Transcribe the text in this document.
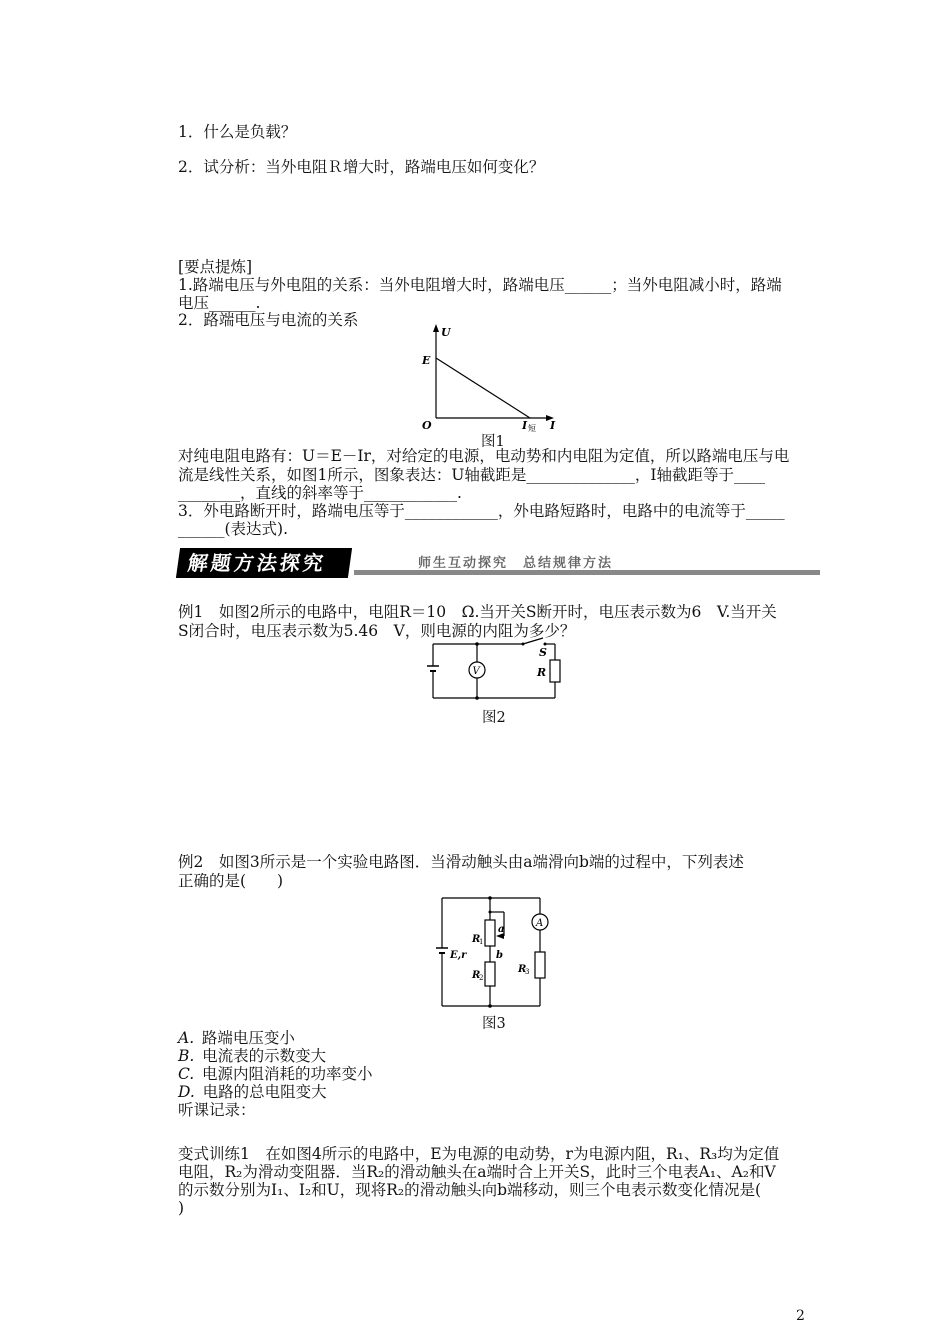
1．什么是负载？
2．试分析：当外电阻Ｒ增大时，路端电压如何变化？
[要点提炼]
1.路端电压与外电阻的关系：当外电阻增大时，路端电压______；当外电阻减小时，路端
电压______.
2．路端电压与电流的关系
U
E
O	I 短 I
图1
对纯电阻电路有：U＝E－Ir，对给定的电源，电动势和内电阻为定值，所以路端电压与电
流是线性关系，如图1所示，图象表达：U轴截距是______________，I轴截距等于____
________，直线的斜率等于____________.
3．外电路断开时，路端电压等于____________，外电路短路时，电路中的电流等于_____
______(表达式).
解题方法探究	师生互动探究　总结规律方法
例1　如图2所示的电路中，电阻R＝10　Ω.当开关S断开时，电压表示数为6　V.当开关
S闭合时，电压表示数为5.46　V，则电源的内阻为多少？
V
S
R
图2
例2　如图3所示是一个实验电路图．当滑动触头由a端滑向b端的过程中，下列表述
正确的是(　　)
E,r
a
b
R
1
R
2
A
R
3
图3
A.  路端电压变小
B.  电流表的示数变大
C.  电源内阻消耗的功率变小
D.  电路的总电阻变大
听课记录：
变式训练1　在如图4所示的电路中，E为电源的电动势，r为电源内阻，R₁、R₃均为定值
电阻，R₂为滑动变阻器．当R₂的滑动触头在a端时合上开关S，此时三个电表A₁、A₂和V
的示数分别为I₁、I₂和U，现将R₂的滑动触头向b端移动，则三个电表示数变化情况是(
)
2
